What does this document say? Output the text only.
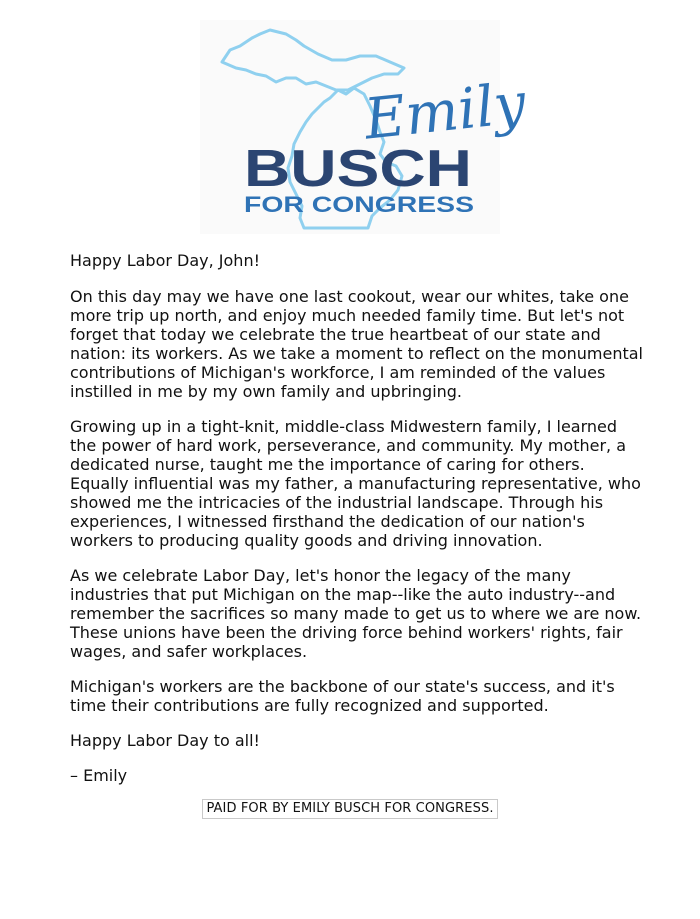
Emily
BUSCH
FOR CONGRESS

Happy Labor Day, John!

On this day may we have one last cookout, wear our whites, take one more trip up north, and enjoy much needed family time. But let's not forget that today we celebrate the true heartbeat of our state and nation: its workers. As we take a moment to reflect on the monumental contributions of Michigan's workforce, I am reminded of the values instilled in me by my own family and upbringing.

Growing up in a tight-knit, middle-class Midwestern family, I learned the power of hard work, perseverance, and community. My mother, a dedicated nurse, taught me the importance of caring for others. Equally influential was my father, a manufacturing representative, who showed me the intricacies of the industrial landscape. Through his experiences, I witnessed firsthand the dedication of our nation's workers to producing quality goods and driving innovation.

As we celebrate Labor Day, let's honor the legacy of the many industries that put Michigan on the map--like the auto industry--and remember the sacrifices so many made to get us to where we are now. These unions have been the driving force behind workers' rights, fair wages, and safer workplaces.

Michigan's workers are the backbone of our state's success, and it's time their contributions are fully recognized and supported.

Happy Labor Day to all!

– Emily

PAID FOR BY EMILY BUSCH FOR CONGRESS.
